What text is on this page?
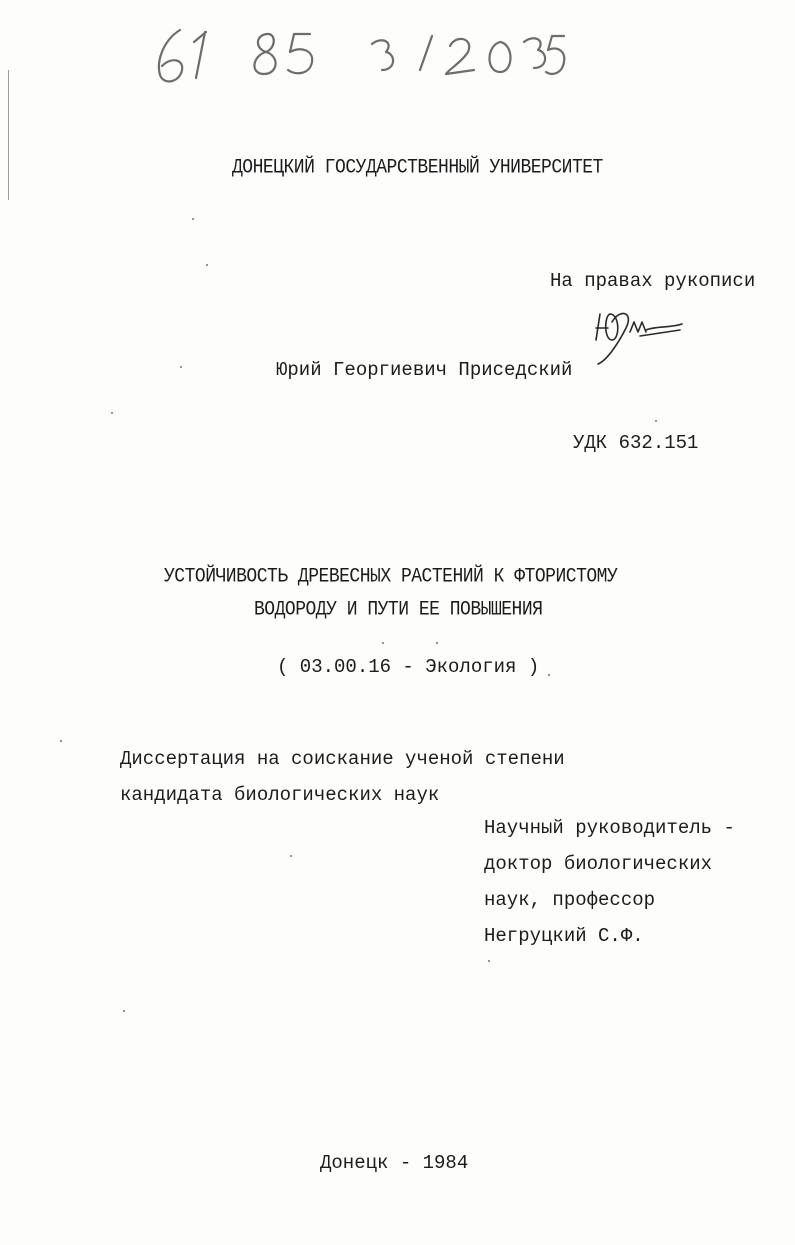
ДОНЕЦКИЙ ГОСУДАРСТВЕННЫЙ УНИВЕРСИТЕТ
На правах рукописи
Юрий Георгиевич Приседский
УДК 632.151
УСТОЙЧИВОСТЬ ДРЕВЕСНЫХ РАСТЕНИЙ К ФТОРИСТОМУ
ВОДОРОДУ И ПУТИ ЕЕ ПОВЫШЕНИЯ
( 03.00.16 - Экология )
Диссертация на соискание ученой степени
кандидата биологических наук
Научный руководитель -
доктор биологических
наук, профессор
Негруцкий С.Ф.
Донецк - 1984
